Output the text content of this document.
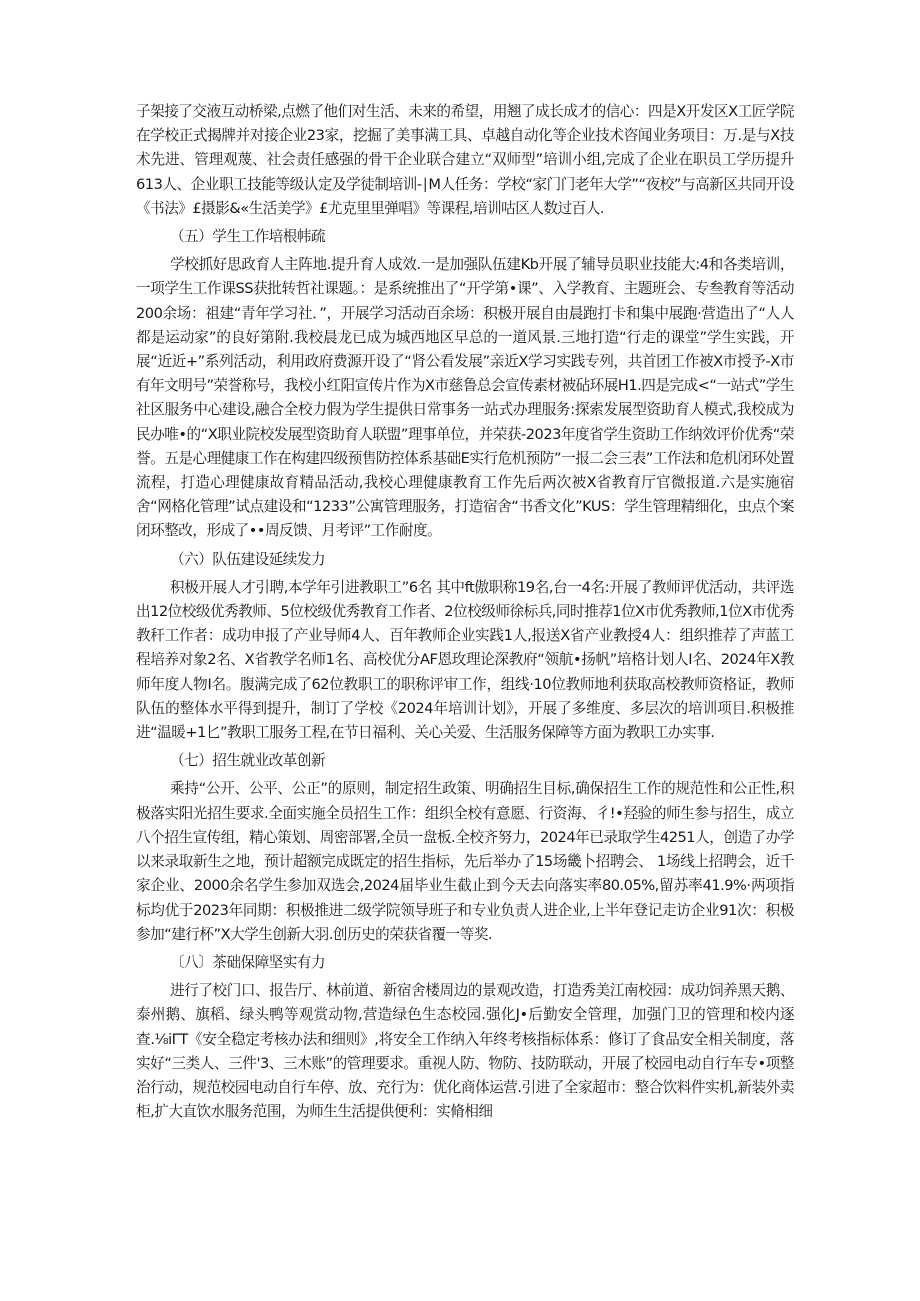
子架接了交液互动桥梁,点燃了他们对生活、未来的希望，用翘了成长成才的信心：四是X开发区X工匠学院在学校正式揭牌并对接企业23家，挖掘了美事满工具、卓越自动化等企业技术咨闻业务项目：万.是与X技术先进、管理观蔑、社会责任感强的骨干企业联合建立“双师型”培训小组,完成了企业在职员工学历提升613人、企业职工技能等级认定及学徒制培训-∣M人任务：学校“家门门老年大学”“夜校”与高新区共同开设《书法》£摄影&«生活美学》£尤克里里弹唱》等课程,培训咕区人数过百人.

（五）学生工作培根帏疏

学校抓好思政育人主阵地.提升育人成效.一是加强队伍建Kb开展了辅导员职业技能大:4和各类培训，一项学生工作课SS获批转哲社课题。：是系统推出了“开学第•课”、入学教育、主题班会、专叁教育等活动200余场：祖建“青年学习社．”，开展学习活动百余场：积极开展自由晨跑打卡和集中展跑·营造出了“人人都是运动家”的良好第附.我校晨龙已成为城西地区早总的一道风景.三地打造“行走的课堂”学生实践，开展“近近+”系列活动，利用政府费源开设了“肾公看发展”亲近X学习实践专列，共首团工作被X市授予-X市有年文明号”荣誉称号，我校小红阳宣传片作为X市慈鲁总会宣传素材被砧环展H1.四是完成<“一站式”学生社区服务中心建设,融合全校力假为学生提供日常事务一站式办理服务:探索发展型资助育人模式,我校成为民办唯•的“X职业院校发展型资助育人联盟”理事单位，并荣获-2023年度省学生资助工作纳效评价优秀“荣誉。五是心理健康工作在构建四级预售防控体系基础E实行危机预防”一报二会三表”工作法和危机闭环处置流程，打造心理健康故育精品活动,我校心理健康教育工作先后两次被X省教育厅官微报道.六是实施宿舍“网格化管理”试点建设和“1233”公寓管理服务，打造宿舍“书香文化”KUS：学生管理精细化，虫点个案闭环整改，形成了••周反馈、月考评”工作耐度。

（六）队伍建设延续发力

积极开展人才引聘,本学年引进教职工”6名 其中ft傲职称19名,台一4名:开展了教师评优活动，共评选出12位校级优秀教师、5位校级优秀教育工作者、2位校级师徐标兵,同时推荐1位X市优秀教师,1位X市优秀教秆工作者：成功申报了产业导师4人、百年教师企业实践1人,报送X省产业教授4人：组织推荐了声蓝工程培养对象2名、X省教学名师1名、高校优分AF恩玫理论深教府“领航•扬帆”培格计划人I名、2024年X教师年度人物I名。腹满完成了62位教职工的职称评审工作，组线·10位教师地利获取高校教师资格证，教师队伍的整体水平得到提升，制订了学校《2024年培训计划》，开展了多维度、多层次的培训项目.积极推进“温暖+1匕”教职工服务工程,在节日福利、关心关爱、生活服务保障等方面为教职工办实事.

（七）招生就业改革创新

乘持“公开、公平、公正”的原则，制定招生政策、明确招生目标,确保招生工作的规范性和公正性,积极落实阳光招生要求.全面实施全员招生工作：组织全校有意愿、行资海、彳!•羟验的师生参与招生，成立八个招生宣传组，精心策划、周密部署,全员一盘板.全校齐努力，2024年已录取学生4251人，创造了办学以来录取新生之地，预计超额完成既定的招生指标，先后举办了15场畿卜招聘会、 1场线上招聘会，近千家企业、2000余名学生参加双选会,2024届毕业生截止到今天去向落实率80.05%,留苏率41.9%·两项指标均优于2023年同期：积极推进二级学院领导班子和专业负责人进企业,上半年登记走访企业91次：积极参加“建行杯”X大学生创新大羽.创历史的荣获省覆一等奖.

〔八〕茶础保障坚实有力

进行了校门口、报告厅、林前道、新宿舍楼周边的景观改造，打造秀美江南校园：成功饲养黑天鹅、泰州鹅、旗稻、绿头鸭等观赏动物,营造绿色生态校园.强化J•后勤安全管理，加强门卫的管理和校内逐查.⅛iΓT《安全稳定考核办法和细则》,将安全工作纳入年终考核指标体系：修订了食品安全相关制度，落实好“三类人、三件'3、三木账”的管理要求。重视人防、物防、技防联动，开展了校园电动自行车专•项整治行动，规范校园电动自行车停、放、充行为：优化商体运营.引进了全家超市：整合饮料件实机,新装外卖柜,扩大直饮水服务范围，为师生生活提供便利：实脩相细
